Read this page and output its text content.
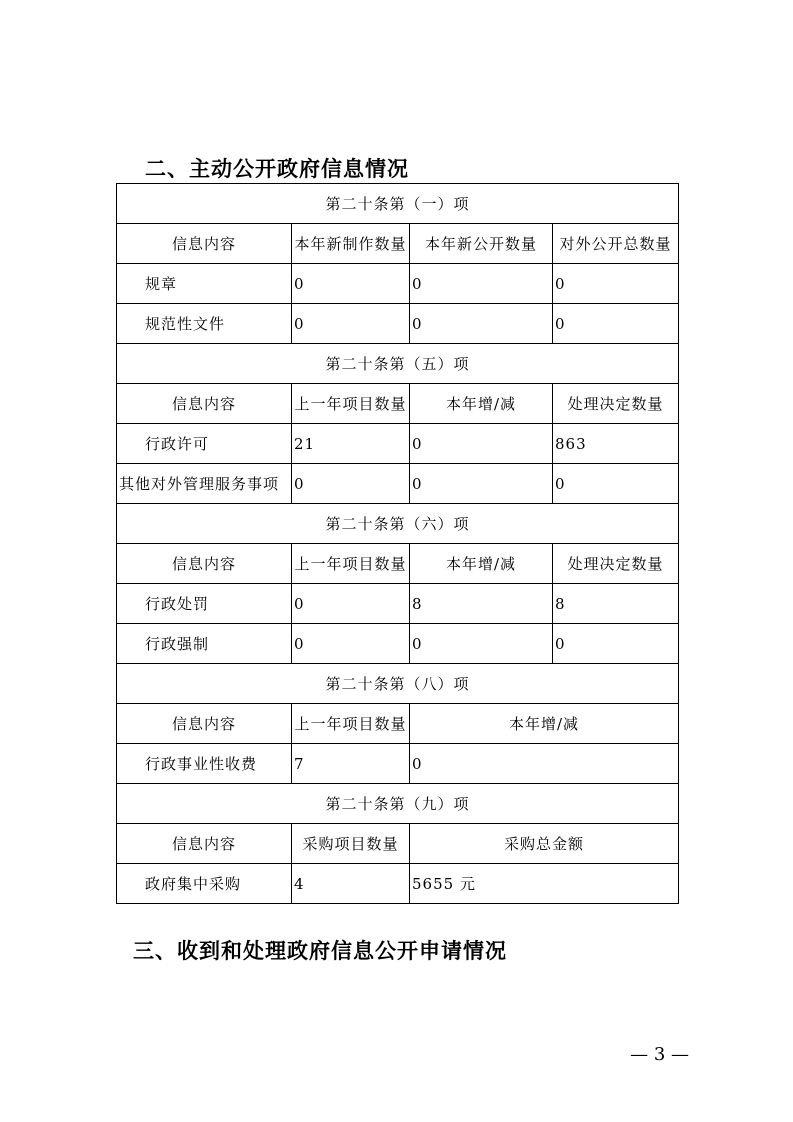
二、主动公开政府信息情况
第二十条第（一）项			
信息内容	本年新制作数量	本年新公开数量	对外公开总数量
规章	0	0	0
规范性文件	0	0	0
第二十条第（五）项			
信息内容	上一年项目数量	本年增/减	处理决定数量
行政许可	21	0	863
其他对外管理服务事项	0	0	0
第二十条第（六）项			
信息内容	上一年项目数量	本年增/减	处理决定数量
行政处罚	0	8	8
行政强制	0	0	0
第二十条第（八）项			
信息内容	上一年项目数量	本年增/减	
行政事业性收费	7	0	
第二十条第（九）项			
信息内容	采购项目数量	采购总金额	
政府集中采购	4	5655 元	
三、收到和处理政府信息公开申请情况
— 3 —
